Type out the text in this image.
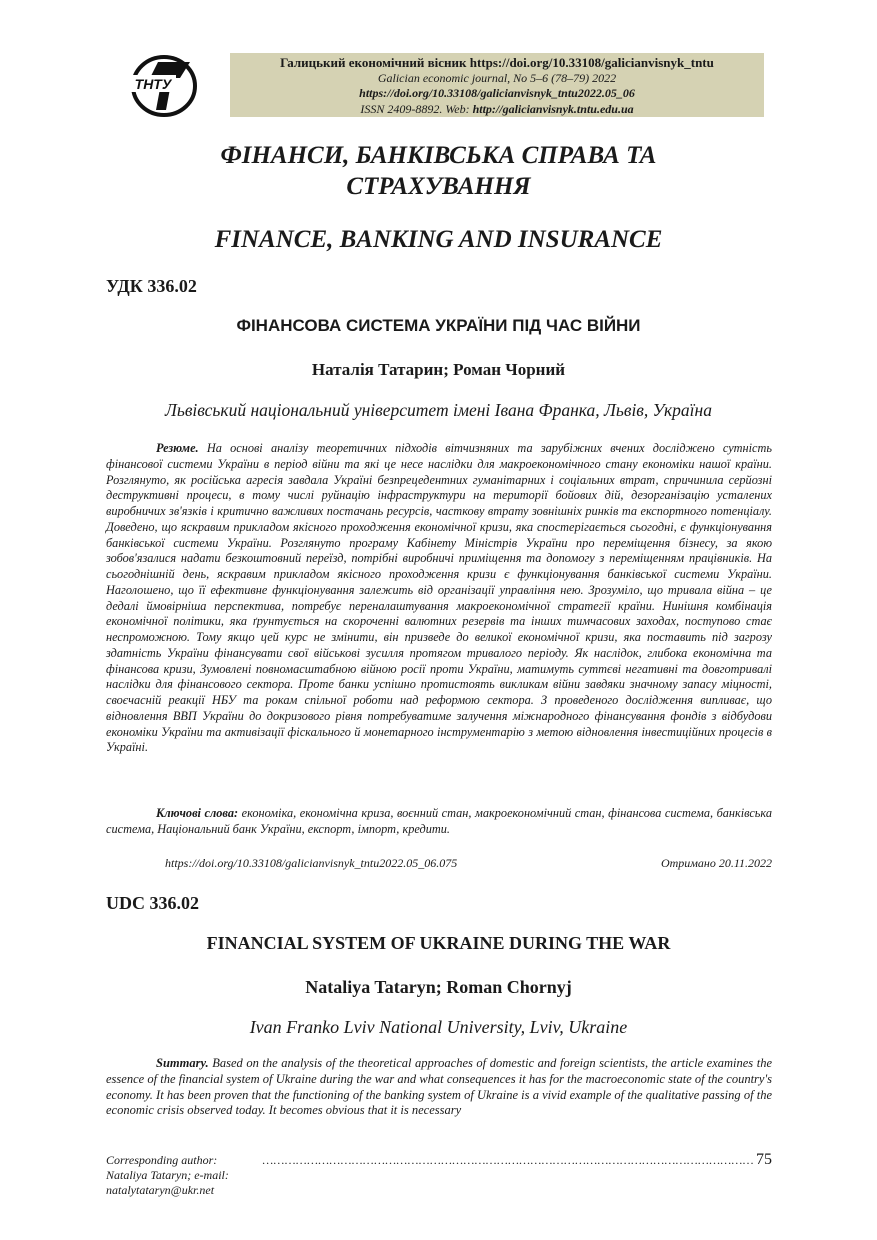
ТНТУ
Галицький економічний вісник https://doi.org/10.33108/galicianvisnyk_tntu
Galician economic journal, No 5–6 (78–79) 2022
https://doi.org/10.33108/galicianvisnyk_tntu2022.05_06
ISSN 2409-8892. Web: http://galicianvisnyk.tntu.edu.ua
ФІНАНСИ, БАНКІВСЬКА СПРАВА ТА
СТРАХУВАННЯ
FINANCE, BANKING AND INSURANCE
УДК 336.02
ФІНАНСОВА СИСТЕМА УКРАЇНИ ПІД ЧАС ВІЙНИ
Наталія Татарин; Роман Чорний
Львівський національний університет імені Івана Франка, Львів, Україна
Резюме. На основі аналізу теоретичних підходів вітчизняних та зарубіжних вчених досліджено сутність фінансової системи України в період війни та які це несе наслідки для макроекономічного стану економіки нашої країни. Розглянуто, як російська агресія завдала Україні безпрецедентних гуманітарних і соціальних втрат, спричинила серйозні деструктивні процеси, в тому числі руйнацію інфраструктури на території бойових дій, дезорганізацію усталених виробничих зв'язків і критично важливих постачань ресурсів, часткову втрату зовнішніх ринків та експортного потенціалу. Доведено, що яскравим прикладом якісного проходження економічної кризи, яка спостерігається сьогодні, є функціонування банківської системи України. Розглянуто програму Кабінету Міністрів України про переміщення бізнесу, за якою зобов'язалися надати безкоштовний переїзд, потрібні виробничі приміщення та допомогу з переміщенням працівників. На сьогоднішній день, яскравим прикладом якісного проходження кризи є функціонування банківської системи України. Наголошено, що її ефективне функціонування залежить від організації управління нею. Зрозуміло, що тривала війна – це дедалі ймовірніша перспектива, потребує переналаштування макроекономічної стратегії країни. Нинішня комбінація економічної політики, яка ґрунтується на скороченні валютних резервів та інших тимчасових заходах, поступово стає неспроможною. Тому якщо цей курс не змінити, він призведе до великої економічної кризи, яка поставить під загрозу здатність України фінансувати свої військові зусилля протягом тривалого періоду. Як наслідок, глибока економічна та фінансова кризи, Зумовлені повномасштабною війною росії проти України, матимуть суттєві негативні та довготривалі наслідки для фінансового сектора. Проте банки успішно протистоять викликам війни завдяки значному запасу міцності, своєчасній реакції НБУ та рокам спільної роботи над реформою сектора. З проведеного дослідження випливає, що відновлення ВВП України до докризового рівня потребуватиме залучення міжнародного фінансування фондів з відбудови економіки України та активізації фіскального й монетарного інструментарію з метою відновлення інвестиційних процесів в Україні.
Ключові слова: економіка, економічна криза, воєнний стан, макроекономічний стан, фінансова система, банківська система, Національний банк України, експорт, імпорт, кредити.
https://doi.org/10.33108/galicianvisnyk_tntu2022.05_06.075	Отримано 20.11.2022
UDC 336.02
FINANCIAL SYSTEM OF UKRAINE DURING THE WAR
Nataliya Tataryn; Roman Chornyj
Ivan Franko Lviv National University, Lviv, Ukraine
Summary. Based on the analysis of the theoretical approaches of domestic and foreign scientists, the article examines the essence of the financial system of Ukraine during the war and what consequences it has for the macroeconomic state of the country's economy. It has been proven that the functioning of the banking system of Ukraine is a vivid example of the qualitative passing of the economic crisis observed today. It becomes obvious that it is necessary
Corresponding author: Nataliya Tataryn; e-mail: natalytataryn@ukr.net
…………………………………………………………………………………………………………………… 75
